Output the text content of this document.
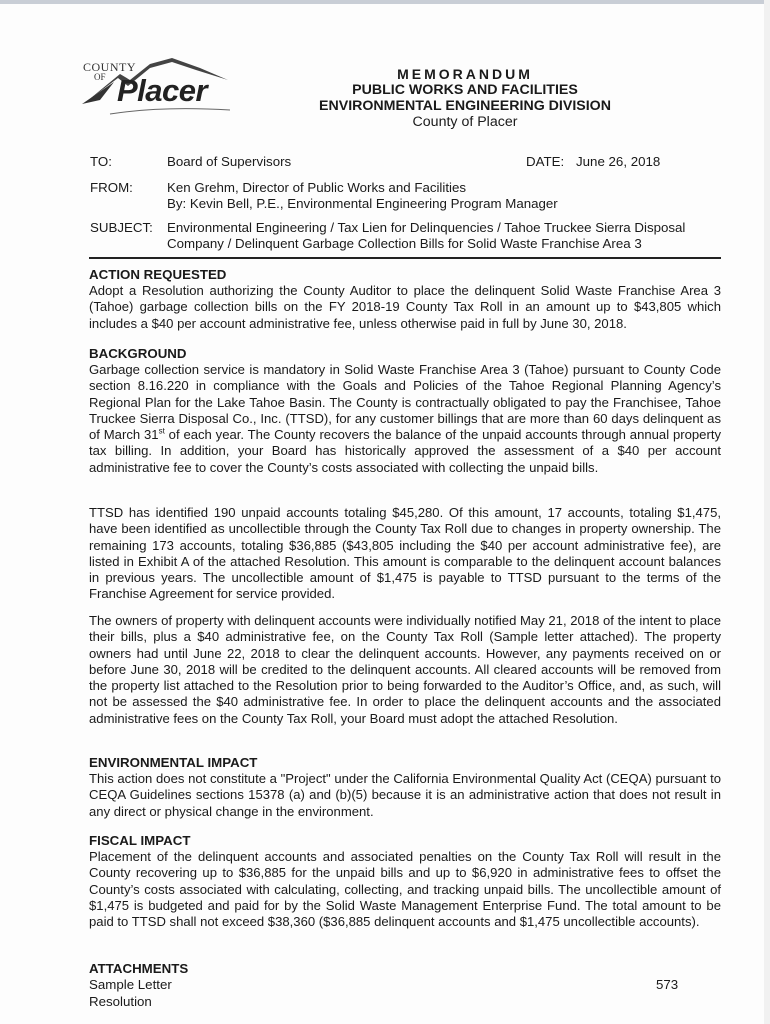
COUNTY
OF Placer	MEMORANDUM
PUBLIC WORKS AND FACILITIES
ENVIRONMENTAL ENGINEERING DIVISION
County of Placer
TO:	Board of Supervisors	DATE: June 26, 2018
FROM:	Ken Grehm, Director of Public Works and Facilities
By: Kevin Bell, P.E., Environmental Engineering Program Manager
SUBJECT:	Environmental Engineering / Tax Lien for Delinquencies / Tahoe Truckee Sierra Disposal
Company / Delinquent Garbage Collection Bills for Solid Waste Franchise Area 3
ACTION REQUESTED

Adopt a Resolution authorizing the County Auditor to place the delinquent Solid Waste Franchise Area 3 (Tahoe) garbage collection bills on the FY 2018-19 County Tax Roll in an amount up to $43,805 which includes a $40 per account administrative fee, unless otherwise paid in full by June 30, 2018.

BACKGROUND

Garbage collection service is mandatory in Solid Waste Franchise Area 3 (Tahoe) pursuant to County Code section 8.16.220 in compliance with the Goals and Policies of the Tahoe Regional Planning Agency’s Regional Plan for the Lake Tahoe Basin. The County is contractually obligated to pay the Franchisee, Tahoe Truckee Sierra Disposal Co., Inc. (TTSD), for any customer billings that are more than 60 days delinquent as of March 31st of each year. The County recovers the balance of the unpaid accounts through annual property tax billing. In addition, your Board has historically approved the assessment of a $40 per account administrative fee to cover the County’s costs associated with collecting the unpaid bills.

TTSD has identified 190 unpaid accounts totaling $45,280. Of this amount, 17 accounts, totaling $1,475, have been identified as uncollectible through the County Tax Roll due to changes in property ownership. The remaining 173 accounts, totaling $36,885 ($43,805 including the $40 per account administrative fee), are listed in Exhibit A of the attached Resolution. This amount is comparable to the delinquent account balances in previous years. The uncollectible amount of $1,475 is payable to TTSD pursuant to the terms of the Franchise Agreement for service provided.

The owners of property with delinquent accounts were individually notified May 21, 2018 of the intent to place their bills, plus a $40 administrative fee, on the County Tax Roll (Sample letter attached). The property owners had until June 22, 2018 to clear the delinquent accounts. However, any payments received on or before June 30, 2018 will be credited to the delinquent accounts. All cleared accounts will be removed from the property list attached to the Resolution prior to being forwarded to the Auditor’s Office, and, as such, will not be assessed the $40 administrative fee. In order to place the delinquent accounts and the associated administrative fees on the County Tax Roll, your Board must adopt the attached Resolution.

ENVIRONMENTAL IMPACT

This action does not constitute a "Project" under the California Environmental Quality Act (CEQA) pursuant to CEQA Guidelines sections 15378 (a) and (b)(5) because it is an administrative action that does not result in any direct or physical change in the environment.

FISCAL IMPACT

Placement of the delinquent accounts and associated penalties on the County Tax Roll will result in the County recovering up to $36,885 for the unpaid bills and up to $6,920 in administrative fees to offset the County’s costs associated with calculating, collecting, and tracking unpaid bills. The uncollectible amount of $1,475 is budgeted and paid for by the Solid Waste Management Enterprise Fund. The total amount to be paid to TTSD shall not exceed $38,360 ($36,885 delinquent accounts and $1,475 uncollectible accounts).

ATTACHMENTS
Sample Letter
Resolution
573
